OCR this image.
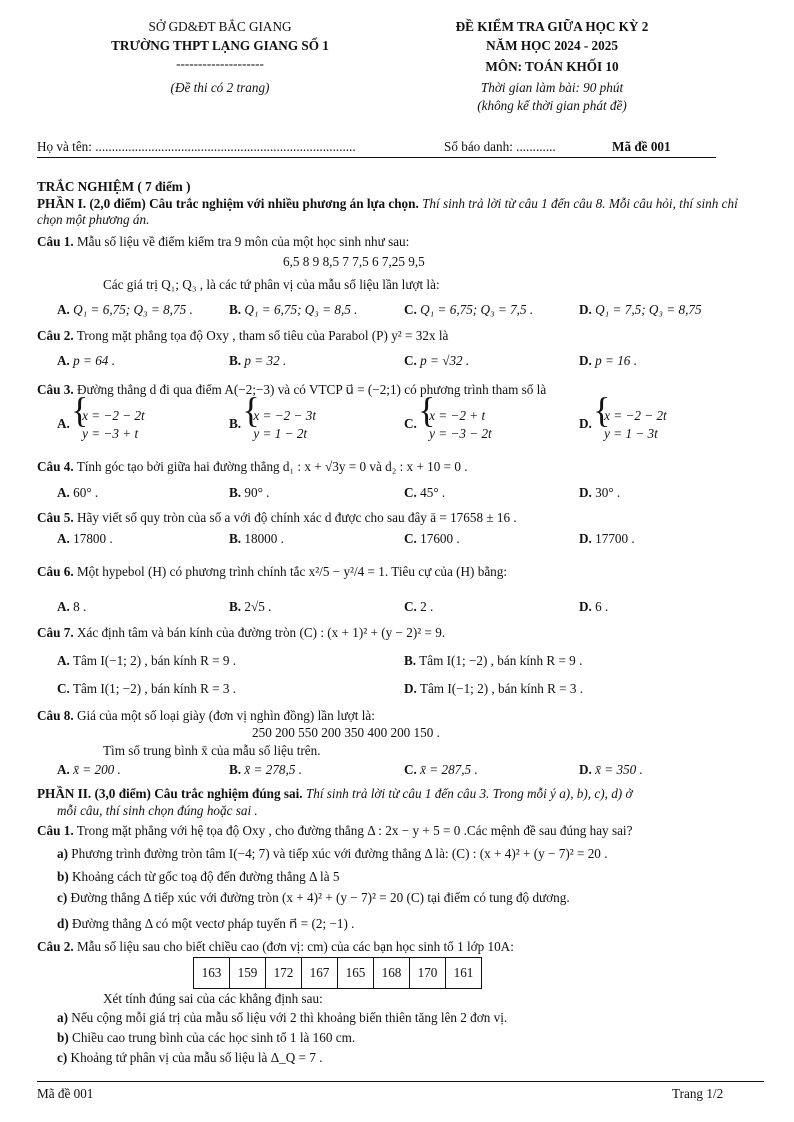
SỞ GD&ĐT BẮC GIANG
TRƯỜNG THPT LẠNG GIANG SỐ 1
--------------------
(Đề thi có 2 trang)
ĐỀ KIỂM TRA GIỮA HỌC KỲ 2
NĂM HỌC 2024 - 2025
MÔN: TOÁN KHỐI 10
Thời gian làm bài: 90 phút
(không kể thời gian phát đề)
Họ và tên: ...............................................................................	Số báo danh: ............	Mã đề 001
TRẮC NGHIỆM ( 7 điểm )
PHẦN I. (2,0 điểm) Câu trắc nghiệm với nhiều phương án lựa chọn. Thí sinh trả lời từ câu 1 đến câu 8. Mỗi câu hỏi, thí sinh chỉ chọn một phương án.
Câu 1. Mẫu số liệu về điểm kiểm tra 9 môn của một học sinh như sau:
6,5 8 9 8,5 7 7,5 6 7,25 9,5
Các giá trị Q₁; Q₃ , là các tứ phân vị của mẫu số liệu lần lượt là:
A. Q₁ = 6,75; Q₃ = 8,75 .	B. Q₁ = 6,75; Q₃ = 8,5 .	C. Q₁ = 6,75; Q₃ = 7,5 .	D. Q₁ = 7,5; Q₃ = 8,75
Câu 2. Trong mặt phẳng tọa độ Oxy , tham số tiêu của Parabol (P) y² = 32x là
A. p = 64 .	B. p = 32 .	C. p = √32 .	D. p = 16 .
Câu 3. Đường thẳng d đi qua điểm A(−2;−3) và có VTCP u⃗ = (−2;1) có phương trình tham số là
A. { x = −2 − 2t
y = −3 + t
B. { x = −2 − 3t
y = 1 − 2t
C. { x = −2 + t
y = −3 − 2t
D. { x = −2 − 2t
y = 1 − 3t
Câu 4. Tính góc tạo bởi giữa hai đường thẳng d₁ : x + √3y = 0 và d₂ : x + 10 = 0 .
A. 60° .	B. 90° .	C. 45° .	D. 30° .
Câu 5. Hãy viết số quy tròn của số a với độ chính xác d được cho sau đây ā = 17658 ± 16 .
A. 17800 .	B. 18000 .	C. 17600 .	D. 17700 .
Câu 6. Một hypebol (H) có phương trình chính tắc x²/5 − y²/4 = 1. Tiêu cự của (H) bằng:
A. 8 .	B. 2√5 .	C. 2 .	D. 6 .
Câu 7. Xác định tâm và bán kính của đường tròn (C) : (x + 1)² + (y − 2)² = 9.
A. Tâm I(−1; 2) , bán kính R = 9 .	B. Tâm I(1; −2) , bán kính R = 9 .
C. Tâm I(1; −2) , bán kính R = 3 .	D. Tâm I(−1; 2) , bán kính R = 3 .
Câu 8. Giá của một số loại giày (đơn vị nghìn đồng) lần lượt là:
250 200 550 200 350 400 200 150 .
Tìm số trung bình x̄ của mẫu số liệu trên.
A. x̄ = 200 .	B. x̄ = 278,5 .	C. x̄ = 287,5 .	D. x̄ = 350 .
PHẦN II. (3,0 điểm) Câu trắc nghiệm đúng sai. Thí sinh trả lời từ câu 1 đến câu 3. Trong mỗi ý a), b), c), d) ở
mỗi câu, thí sinh chọn đúng hoặc sai .
Câu 1. Trong mặt phẳng với hệ tọa độ Oxy , cho đường thẳng Δ : 2x − y + 5 = 0 .Các mệnh đề sau đúng hay sai?
a) Phương trình đường tròn tâm I(−4; 7) và tiếp xúc với đường thẳng Δ là: (C) : (x + 4)² + (y − 7)² = 20 .
b) Khoảng cách từ gốc toạ độ đến đường thẳng Δ là 5
c) Đường thẳng Δ tiếp xúc với đường tròn (x + 4)² + (y − 7)² = 20 (C) tại điểm có tung độ dương.
d) Đường thẳng Δ có một vectơ pháp tuyến n⃗ = (2; −1) .
Câu 2. Mẫu số liệu sau cho biết chiều cao (đơn vị: cm) của các bạn học sinh tổ 1 lớp 10A:
163	159	172	167	165	168	170	161
Xét tính đúng sai của các khẳng định sau:
a) Nếu cộng mỗi giá trị của mẫu số liệu với 2 thì khoảng biến thiên tăng lên 2 đơn vị.
b) Chiều cao trung bình của các học sinh tổ 1 là 160 cm.
c) Khoảng tứ phân vị của mẫu số liệu là Δ_Q = 7 .
Mã đề 001	Trang 1/2
